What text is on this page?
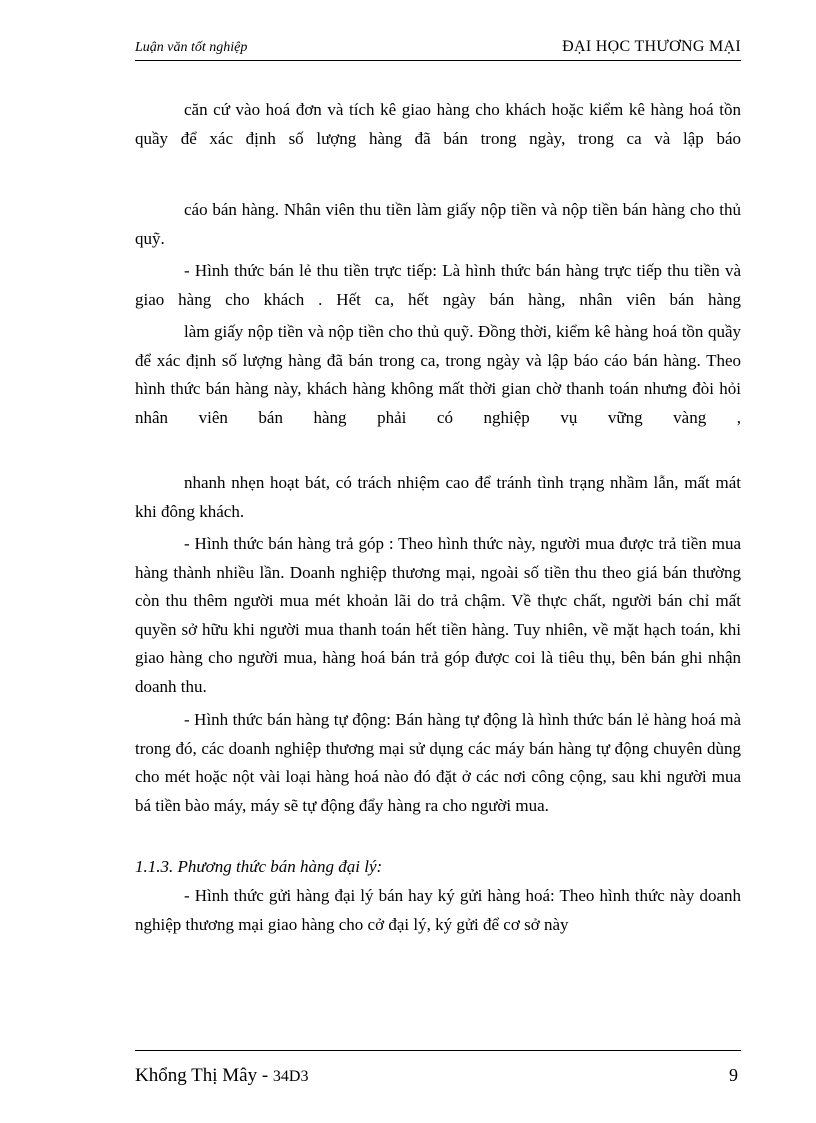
Luận văn tốt nghiệp	ĐẠI HỌC THƯƠNG MẠI

căn cứ vào hoá đơn và tích kê giao hàng cho khách hoặc kiểm kê hàng hoá tồn quầy để xác định số lượng hàng đã bán trong ngày, trong ca và lập báo

cáo bán hàng. Nhân viên thu tiền làm giấy nộp tiền và nộp tiền bán hàng cho thủ quỹ.

- Hình thức bán lẻ thu tiền trực tiếp: Là hình thức bán hàng trực tiếp thu tiền và giao hàng cho khách . Hết ca, hết ngày bán hàng, nhân viên bán hàng

làm giấy nộp tiền và nộp tiền cho thủ quỹ. Đồng thời, kiểm kê hàng hoá tồn quầy để xác định số lượng hàng đã bán trong ca, trong ngày và lập báo cáo bán hàng. Theo hình thức bán hàng này, khách hàng không mất thời gian chờ thanh toán nhưng đòi hỏi nhân viên bán hàng phải có nghiệp vụ vững vàng ,

nhanh nhẹn hoạt bát, có trách nhiệm cao để tránh tình trạng nhầm lẫn, mất mát khi đông khách.

- Hình thức bán hàng trả góp : Theo hình thức này, người mua được trả tiền mua hàng thành nhiều lần. Doanh nghiệp thương mại, ngoài số tiền thu theo giá bán thường còn thu thêm người mua mét khoản lãi do trả chậm. Về thực chất, người bán chỉ mất quyền sở hữu khi người mua thanh toán hết tiền hàng. Tuy nhiên, về mặt hạch toán, khi giao hàng cho người mua, hàng hoá bán trả góp được coi là tiêu thụ, bên bán ghi nhận doanh thu.

- Hình thức bán hàng tự động: Bán hàng tự động là hình thức bán lẻ hàng hoá mà trong đó, các doanh nghiệp thương mại sử dụng các máy bán hàng tự động chuyên dùng cho mét hoặc nột vài loại hàng hoá nào đó đặt ở các nơi công cộng, sau khi người mua bá tiền bào máy, máy sẽ tự động đẩy hàng ra cho người mua.

1.1.3. Phương thức bán hàng đại lý:

- Hình thức gửi hàng đại lý bán hay ký gửi hàng hoá: Theo hình thức này doanh nghiệp thương mại giao hàng cho cở đại lý, ký gửi để cơ sở này

Khổng Thị Mây - 34D3	9
